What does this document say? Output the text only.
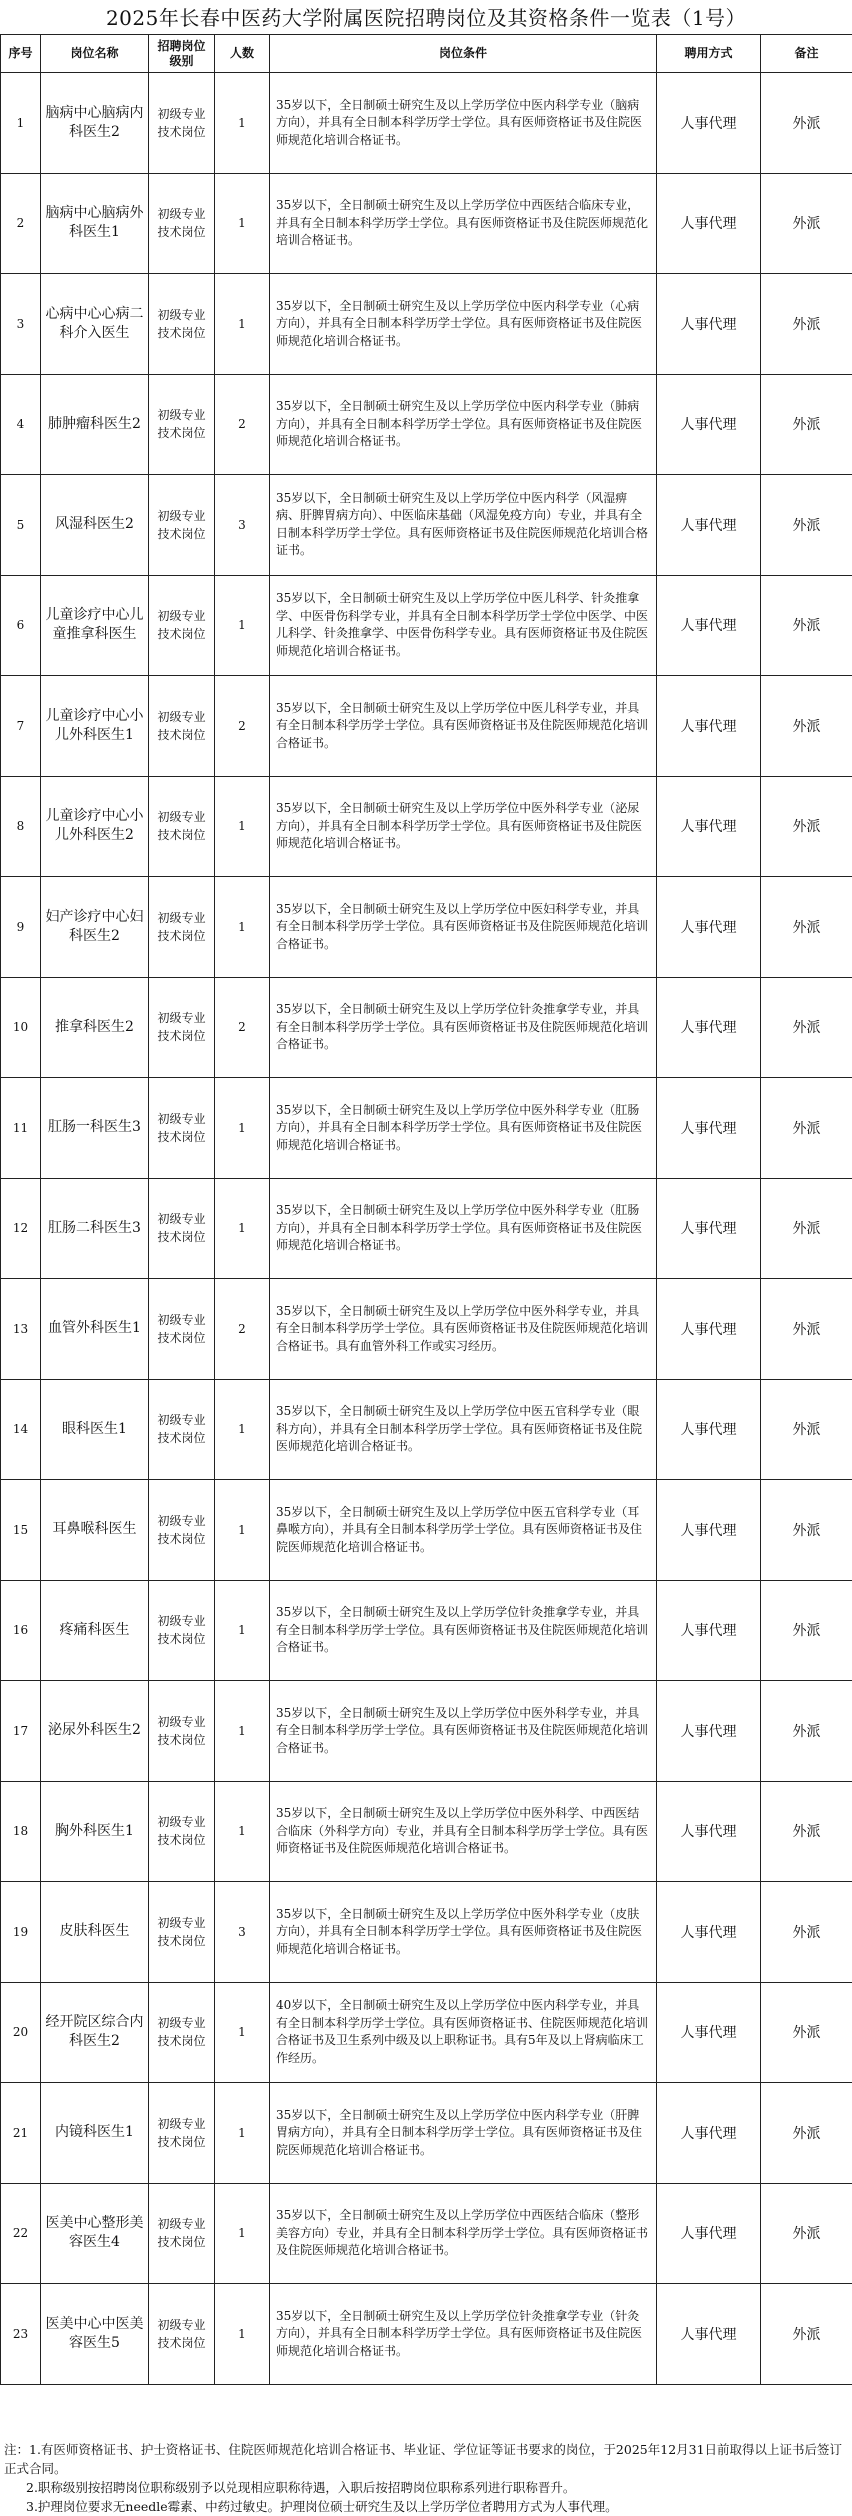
2025年长春中医药大学附属医院招聘岗位及其资格条件一览表（1号）
序号	岗位名称	招聘岗位级别	人数	岗位条件	聘用方式	备注
1	脑病中心脑病内科医生2	初级专业技术岗位	1	35岁以下，全日制硕士研究生及以上学历学位中医内科学专业（脑病方向），并具有全日制本科学历学士学位。具有医师资格证书及住院医师规范化培训合格证书。	人事代理	外派
2	脑病中心脑病外科医生1	初级专业技术岗位	1	35岁以下，全日制硕士研究生及以上学历学位中西医结合临床专业，并具有全日制本科学历学士学位。具有医师资格证书及住院医师规范化培训合格证书。	人事代理	外派
3	心病中心心病二科介入医生	初级专业技术岗位	1	35岁以下，全日制硕士研究生及以上学历学位中医内科学专业（心病方向），并具有全日制本科学历学士学位。具有医师资格证书及住院医师规范化培训合格证书。	人事代理	外派
4	肺肿瘤科医生2	初级专业技术岗位	2	35岁以下，全日制硕士研究生及以上学历学位中医内科学专业（肺病方向），并具有全日制本科学历学士学位。具有医师资格证书及住院医师规范化培训合格证书。	人事代理	外派
5	风湿科医生2	初级专业技术岗位	3	35岁以下，全日制硕士研究生及以上学历学位中医内科学（风湿痹病、肝脾胃病方向）、中医临床基础（风湿免疫方向）专业，并具有全日制本科学历学士学位。具有医师资格证书及住院医师规范化培训合格证书。	人事代理	外派
6	儿童诊疗中心儿童推拿科医生	初级专业技术岗位	1	35岁以下，全日制硕士研究生及以上学历学位中医儿科学、针灸推拿学、中医骨伤科学专业，并具有全日制本科学历学士学位中医学、中医儿科学、针灸推拿学、中医骨伤科学专业。具有医师资格证书及住院医师规范化培训合格证书。	人事代理	外派
7	儿童诊疗中心小儿外科医生1	初级专业技术岗位	2	35岁以下，全日制硕士研究生及以上学历学位中医儿科学专业，并具有全日制本科学历学士学位。具有医师资格证书及住院医师规范化培训合格证书。	人事代理	外派
8	儿童诊疗中心小儿外科医生2	初级专业技术岗位	1	35岁以下，全日制硕士研究生及以上学历学位中医外科学专业（泌尿方向），并具有全日制本科学历学士学位。具有医师资格证书及住院医师规范化培训合格证书。	人事代理	外派
9	妇产诊疗中心妇科医生2	初级专业技术岗位	1	35岁以下，全日制硕士研究生及以上学历学位中医妇科学专业，并具有全日制本科学历学士学位。具有医师资格证书及住院医师规范化培训合格证书。	人事代理	外派
10	推拿科医生2	初级专业技术岗位	2	35岁以下，全日制硕士研究生及以上学历学位针灸推拿学专业，并具有全日制本科学历学士学位。具有医师资格证书及住院医师规范化培训合格证书。	人事代理	外派
11	肛肠一科医生3	初级专业技术岗位	1	35岁以下，全日制硕士研究生及以上学历学位中医外科学专业（肛肠方向），并具有全日制本科学历学士学位。具有医师资格证书及住院医师规范化培训合格证书。	人事代理	外派
12	肛肠二科医生3	初级专业技术岗位	1	35岁以下，全日制硕士研究生及以上学历学位中医外科学专业（肛肠方向），并具有全日制本科学历学士学位。具有医师资格证书及住院医师规范化培训合格证书。	人事代理	外派
13	血管外科医生1	初级专业技术岗位	2	35岁以下，全日制硕士研究生及以上学历学位中医外科学专业，并具有全日制本科学历学士学位。具有医师资格证书及住院医师规范化培训合格证书。具有血管外科工作或实习经历。	人事代理	外派
14	眼科医生1	初级专业技术岗位	1	35岁以下，全日制硕士研究生及以上学历学位中医五官科学专业（眼科方向），并具有全日制本科学历学士学位。具有医师资格证书及住院医师规范化培训合格证书。	人事代理	外派
15	耳鼻喉科医生	初级专业技术岗位	1	35岁以下，全日制硕士研究生及以上学历学位中医五官科学专业（耳鼻喉方向），并具有全日制本科学历学士学位。具有医师资格证书及住院医师规范化培训合格证书。	人事代理	外派
16	疼痛科医生	初级专业技术岗位	1	35岁以下，全日制硕士研究生及以上学历学位针灸推拿学专业，并具有全日制本科学历学士学位。具有医师资格证书及住院医师规范化培训合格证书。	人事代理	外派
17	泌尿外科医生2	初级专业技术岗位	1	35岁以下，全日制硕士研究生及以上学历学位中医外科学专业，并具有全日制本科学历学士学位。具有医师资格证书及住院医师规范化培训合格证书。	人事代理	外派
18	胸外科医生1	初级专业技术岗位	1	35岁以下，全日制硕士研究生及以上学历学位中医外科学、中西医结合临床（外科学方向）专业，并具有全日制本科学历学士学位。具有医师资格证书及住院医师规范化培训合格证书。	人事代理	外派
19	皮肤科医生	初级专业技术岗位	3	35岁以下，全日制硕士研究生及以上学历学位中医外科学专业（皮肤方向），并具有全日制本科学历学士学位。具有医师资格证书及住院医师规范化培训合格证书。	人事代理	外派
20	经开院区综合内科医生2	初级专业技术岗位	1	40岁以下，全日制硕士研究生及以上学历学位中医内科学专业，并具有全日制本科学历学士学位。具有医师资格证书、住院医师规范化培训合格证书及卫生系列中级及以上职称证书。具有5年及以上肾病临床工作经历。	人事代理	外派
21	内镜科医生1	初级专业技术岗位	1	35岁以下，全日制硕士研究生及以上学历学位中医内科学专业（肝脾胃病方向），并具有全日制本科学历学士学位。具有医师资格证书及住院医师规范化培训合格证书。	人事代理	外派
22	医美中心整形美容医生4	初级专业技术岗位	1	35岁以下，全日制硕士研究生及以上学历学位中西医结合临床（整形美容方向）专业，并具有全日制本科学历学士学位。具有医师资格证书及住院医师规范化培训合格证书。	人事代理	外派
23	医美中心中医美容医生5	初级专业技术岗位	1	35岁以下，全日制硕士研究生及以上学历学位针灸推拿学专业（针灸方向），并具有全日制本科学历学士学位。具有医师资格证书及住院医师规范化培训合格证书。	人事代理	外派
注：1.有医师资格证书、护士资格证书、住院医师规范化培训合格证书、毕业证、学位证等证书要求的岗位，于2025年12月31日前取得以上证书后签订正式合同。
2.职称级别按招聘岗位职称级别予以兑现相应职称待遇，入职后按招聘岗位职称系列进行职称晋升。
3.护理岗位要求无needle霉素、中药过敏史。护理岗位硕士研究生及以上学历学位者聘用方式为人事代理。
